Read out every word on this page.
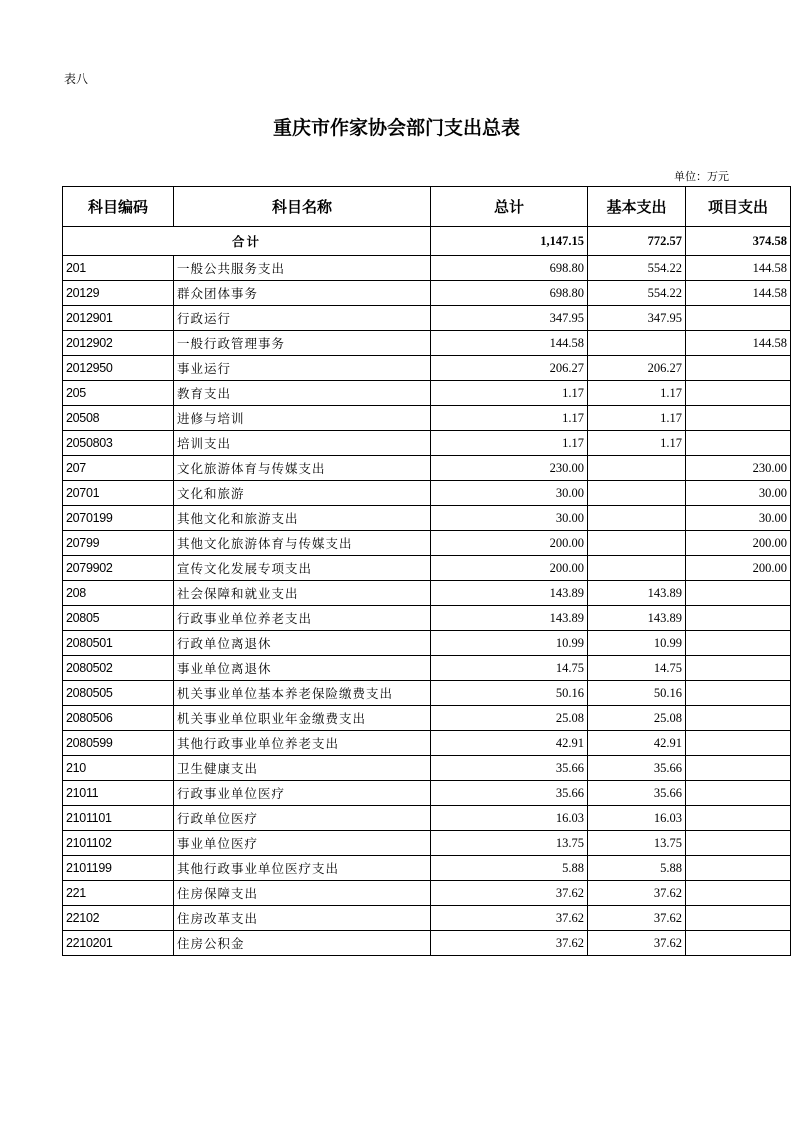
表八
重庆市作家协会部门支出总表
单位：万元
科目编码	科目名称	总计	基本支出	项目支出
合计		1,147.15	772.57	374.58
201	一般公共服务支出	698.80	554.22	144.58
20129	群众团体事务	698.80	554.22	144.58
2012901	行政运行	347.95	347.95	
2012902	一般行政管理事务	144.58		144.58
2012950	事业运行	206.27	206.27	
205	教育支出	1.17	1.17	
20508	进修与培训	1.17	1.17	
2050803	培训支出	1.17	1.17	
207	文化旅游体育与传媒支出	230.00		230.00
20701	文化和旅游	30.00		30.00
2070199	其他文化和旅游支出	30.00		30.00
20799	其他文化旅游体育与传媒支出	200.00		200.00
2079902	宣传文化发展专项支出	200.00		200.00
208	社会保障和就业支出	143.89	143.89	
20805	行政事业单位养老支出	143.89	143.89	
2080501	行政单位离退休	10.99	10.99	
2080502	事业单位离退休	14.75	14.75	
2080505	机关事业单位基本养老保险缴费支出	50.16	50.16	
2080506	机关事业单位职业年金缴费支出	25.08	25.08	
2080599	其他行政事业单位养老支出	42.91	42.91	
210	卫生健康支出	35.66	35.66	
21011	行政事业单位医疗	35.66	35.66	
2101101	行政单位医疗	16.03	16.03	
2101102	事业单位医疗	13.75	13.75	
2101199	其他行政事业单位医疗支出	5.88	5.88	
221	住房保障支出	37.62	37.62	
22102	住房改革支出	37.62	37.62	
2210201	住房公积金	37.62	37.62	
